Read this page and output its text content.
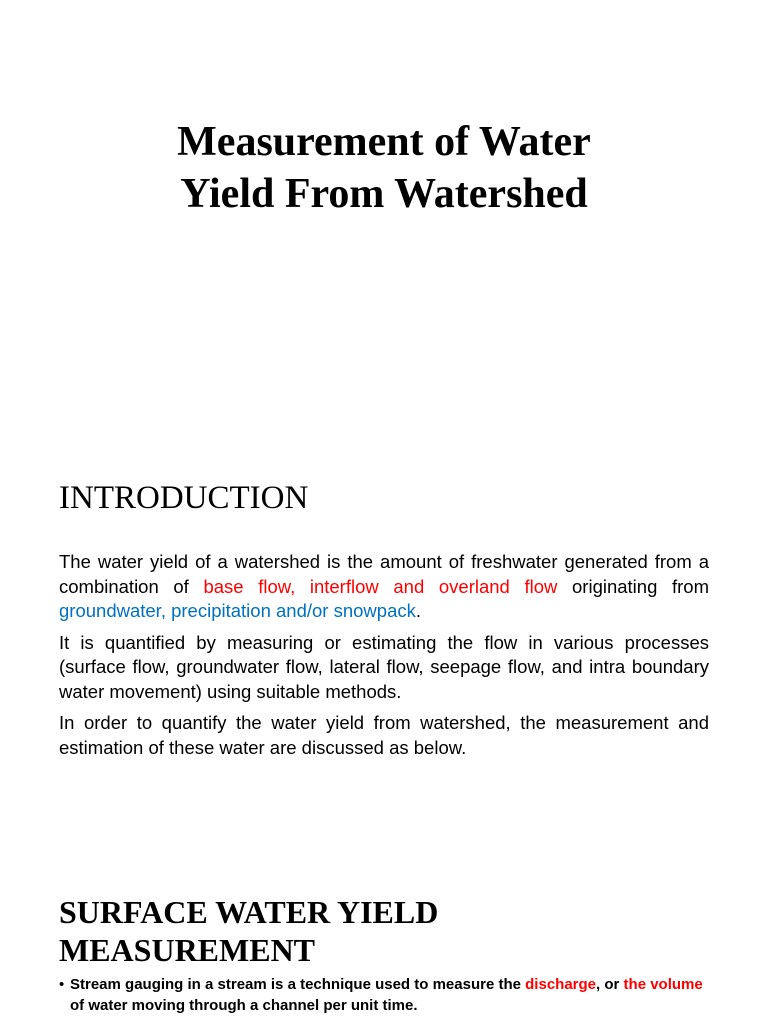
Measurement of Water
Yield From Watershed
INTRODUCTION

The water yield of a watershed is the amount of freshwater generated from a combination of base flow, interflow and overland flow originating from groundwater, precipitation and/or snowpack.

It is quantified by measuring or estimating the flow in various processes (surface flow, groundwater flow, lateral flow, seepage flow, and intra boundary water movement) using suitable methods.

In order to quantify the water yield from watershed, the measurement and estimation of these water are discussed as below.

SURFACE WATER YIELD
MEASUREMENT
• Stream gauging in a stream is a technique used to measure the discharge, or the volume of water moving through a channel per unit time.
